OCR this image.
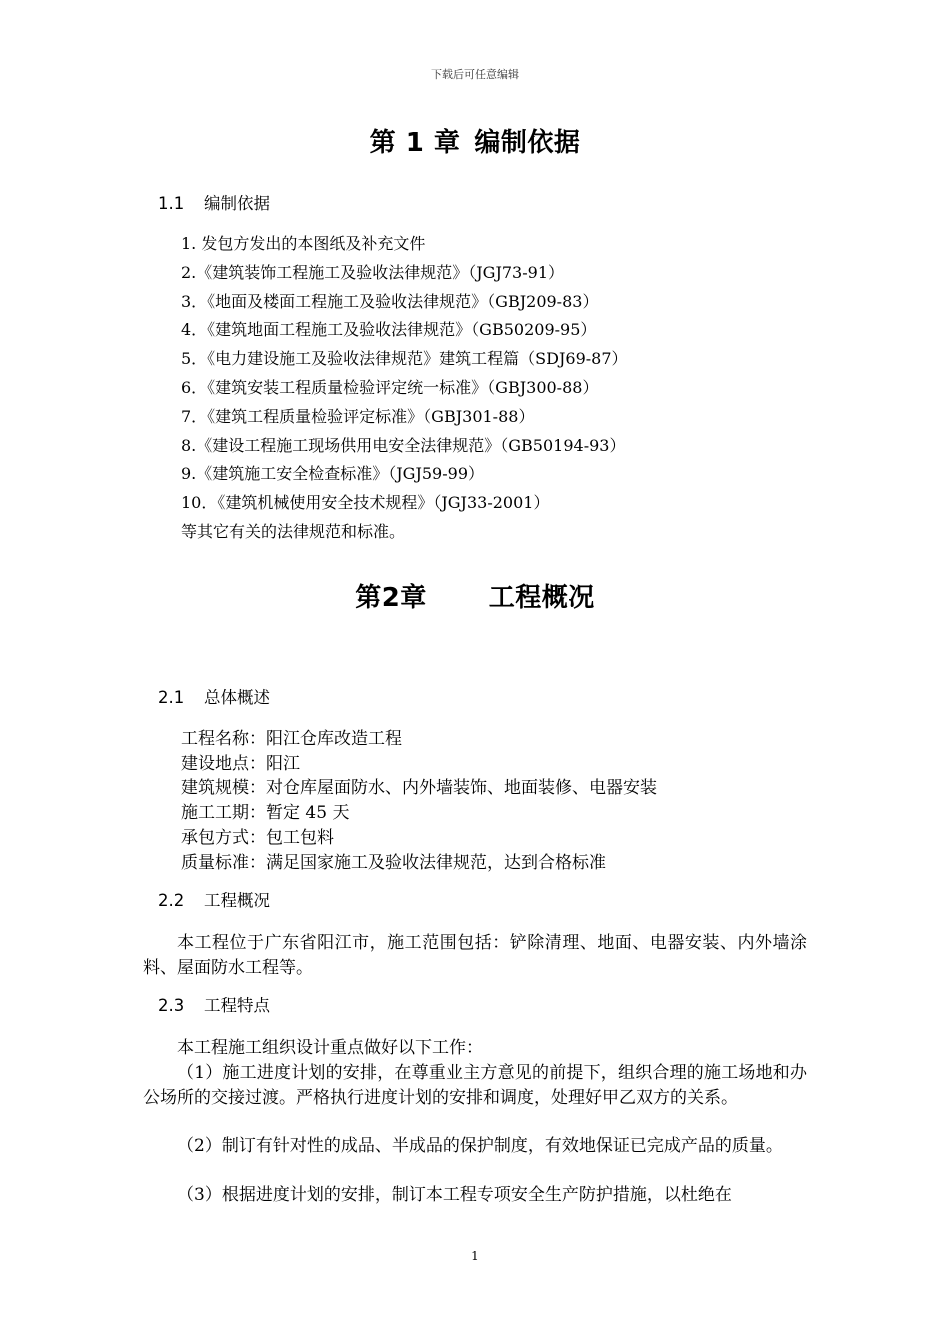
下载后可任意编辑
第 1 章 编制依据
1.1 编制依据
1. 发包方发出的本图纸及补充文件
2.《建筑装饰工程施工及验收法律规范》（JGJ73-91）
3．《地面及楼面工程施工及验收法律规范》（GBJ209-83）
4．《建筑地面工程施工及验收法律规范》（GB50209-95）
5．《电力建设施工及验收法律规范》建筑工程篇（SDJ69-87）
6．《建筑安装工程质量检验评定统一标准》（GBJ300-88）
7．《建筑工程质量检验评定标准》（GBJ301-88）
8.《建设工程施工现场供用电安全法律规范》（GB50194-93）
9.《建筑施工安全检查标准》（JGJ59-99）
10．《建筑机械使用安全技术规程》（JGJ33-2001）
等其它有关的法律规范和标准。
第2章 工程概况
2.1 总体概述
工程名称：阳江仓库改造工程
建设地点：阳江
建筑规模：对仓库屋面防水、内外墙装饰、地面装修、电器安装
施工工期：暂定 45 天
承包方式：包工包料
质量标准：满足国家施工及验收法律规范，达到合格标准
2.2 工程概况
本工程位于广东省阳江市，施工范围包括：铲除清理、地面、电器安装、内外墙涂料、屋面防水工程等。
2.3 工程特点
本工程施工组织设计重点做好以下工作：
（1）施工进度计划的安排，在尊重业主方意见的前提下，组织合理的施工场地和办公场所的交接过渡。严格执行进度计划的安排和调度，处理好甲乙双方的关系。
（2）制订有针对性的成品、半成品的保护制度，有效地保证已完成产品的质量。
（3）根据进度计划的安排，制订本工程专项安全生产防护措施，以杜绝在
1
